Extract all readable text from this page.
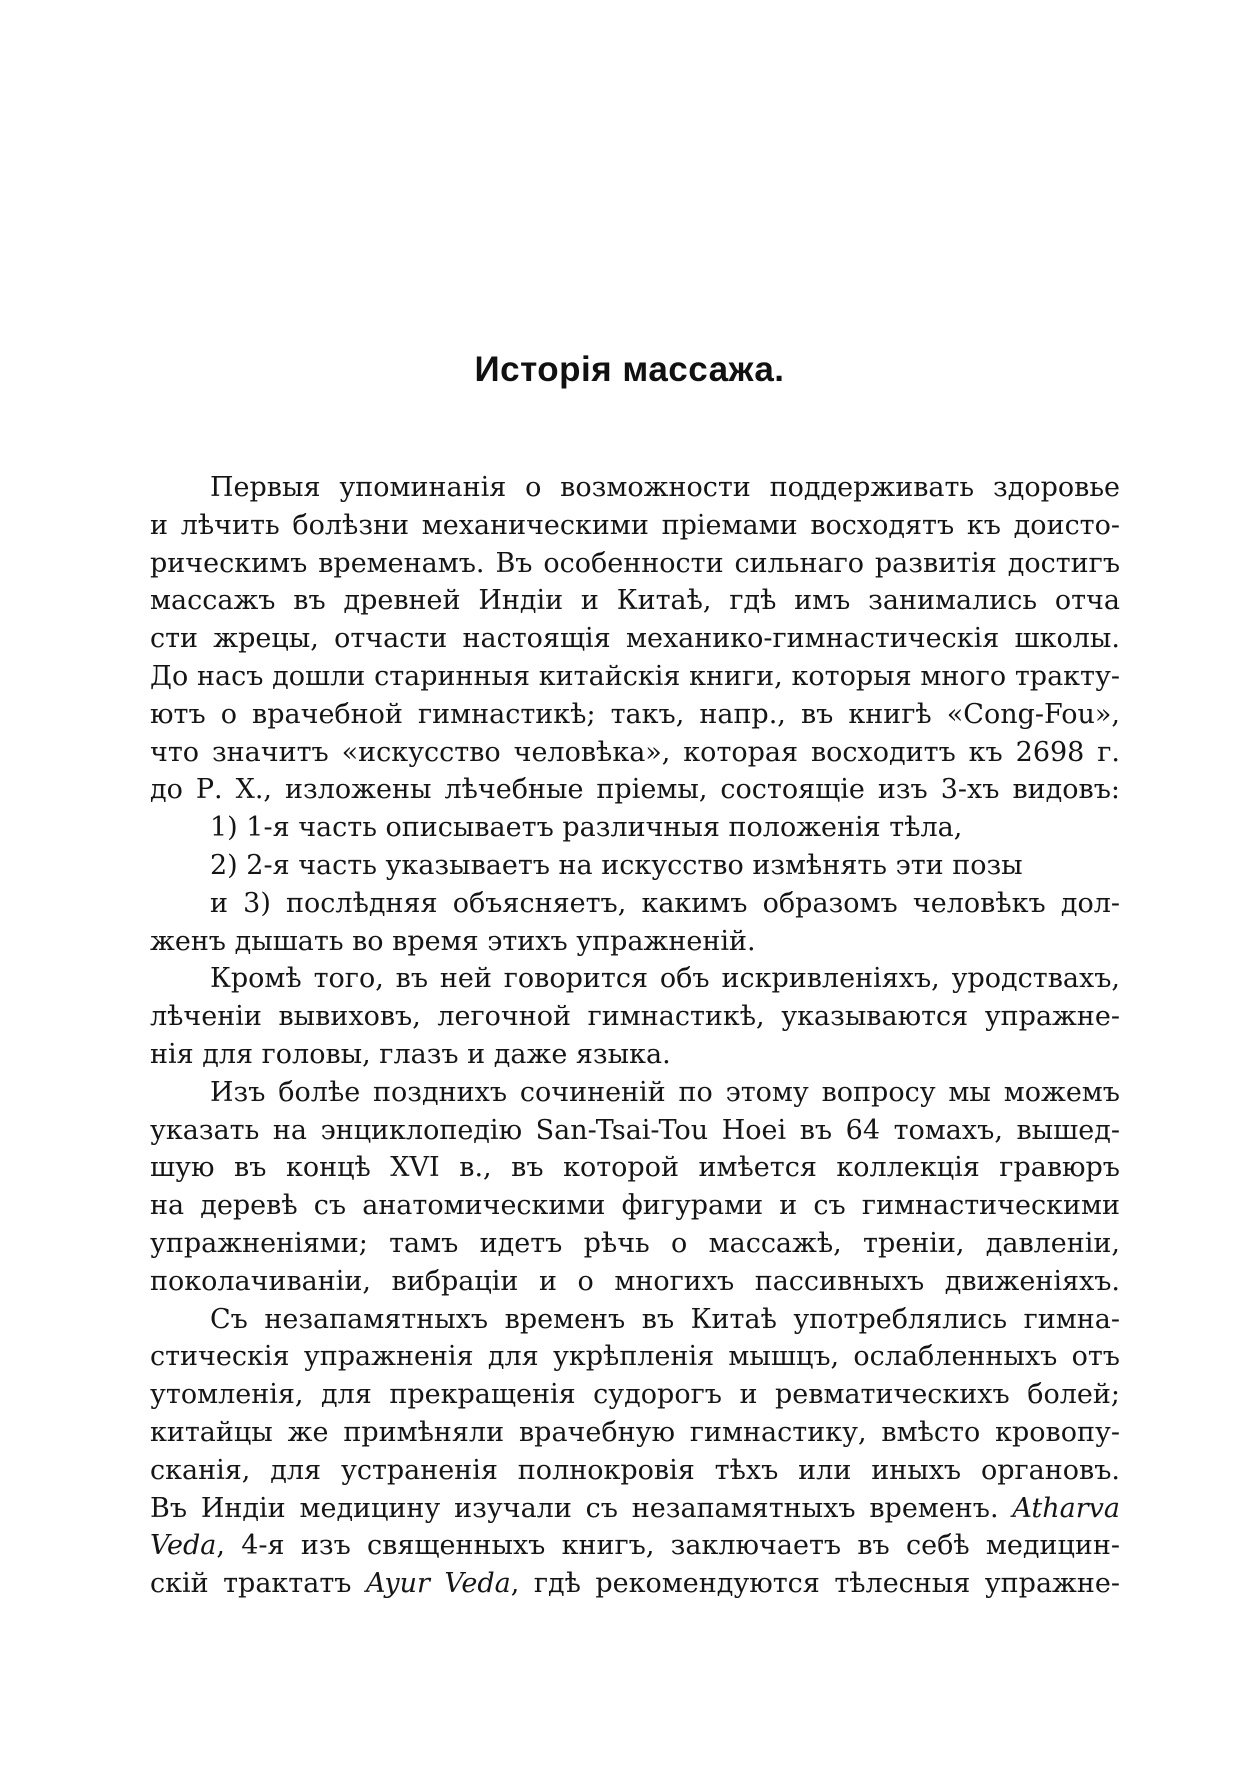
Исторія массажа.
Первыя упоминанія о возможности поддерживать здоровье
и лѣчить болѣзни механическими пріемами восходятъ къ доисто-
рическимъ временамъ. Въ особенности сильнаго развитія достигъ
массажъ въ древней Индіи и Китаѣ, гдѣ имъ занимались отча
сти жрецы, отчасти настоящія механико-гимнастическія школы.
До насъ дошли старинныя китайскія книги, которыя много тракту-
ютъ о врачебной гимнастикѣ; такъ, напр., въ книгѣ «Cong-Fou»,
что значитъ «искусство человѣка», которая восходитъ къ 2698 г.
до Р. Х., изложены лѣчебные пріемы, состоящіе изъ 3-хъ видовъ:
1) 1-я часть описываетъ различныя положенія тѣла,
2) 2-я часть указываетъ на искусство измѣнять эти позы
и 3) послѣдняя объясняетъ, какимъ образомъ человѣкъ дол-
женъ дышать во время этихъ упражненій.
Кромѣ того, въ ней говорится объ искривленіяхъ, уродствахъ,
лѣченіи вывиховъ, легочной гимнастикѣ, указываются упражне-
нія для головы, глазъ и даже языка.
Изъ болѣе позднихъ сочиненій по этому вопросу мы можемъ
указать на энциклопедію San-Tsai-Tou Hoei въ 64 томахъ, вышед-
шую въ концѣ XVI в., въ которой имѣется коллекція гравюръ
на деревѣ съ анатомическими фигурами и съ гимнастическими
упражненіями; тамъ идетъ рѣчь о массажѣ, треніи, давленіи,
поколачиваніи, вибраціи и о многихъ пассивныхъ движеніяхъ.
Съ незапамятныхъ временъ въ Китаѣ употреблялись гимна-
стическія упражненія для укрѣпленія мышцъ, ослабленныхъ отъ
утомленія, для прекращенія судорогъ и ревматическихъ болей;
китайцы же примѣняли врачебную гимнастику, вмѣсто кровопу-
сканія, для устраненія полнокровія тѣхъ или иныхъ органовъ.
Въ Индіи медицину изучали съ незапамятныхъ временъ. Atharva
Veda, 4-я изъ священныхъ книгъ, заключаетъ въ себѣ медицин-
скій трактатъ Ayur Veda, гдѣ рекомендуются тѣлесныя упражне-
